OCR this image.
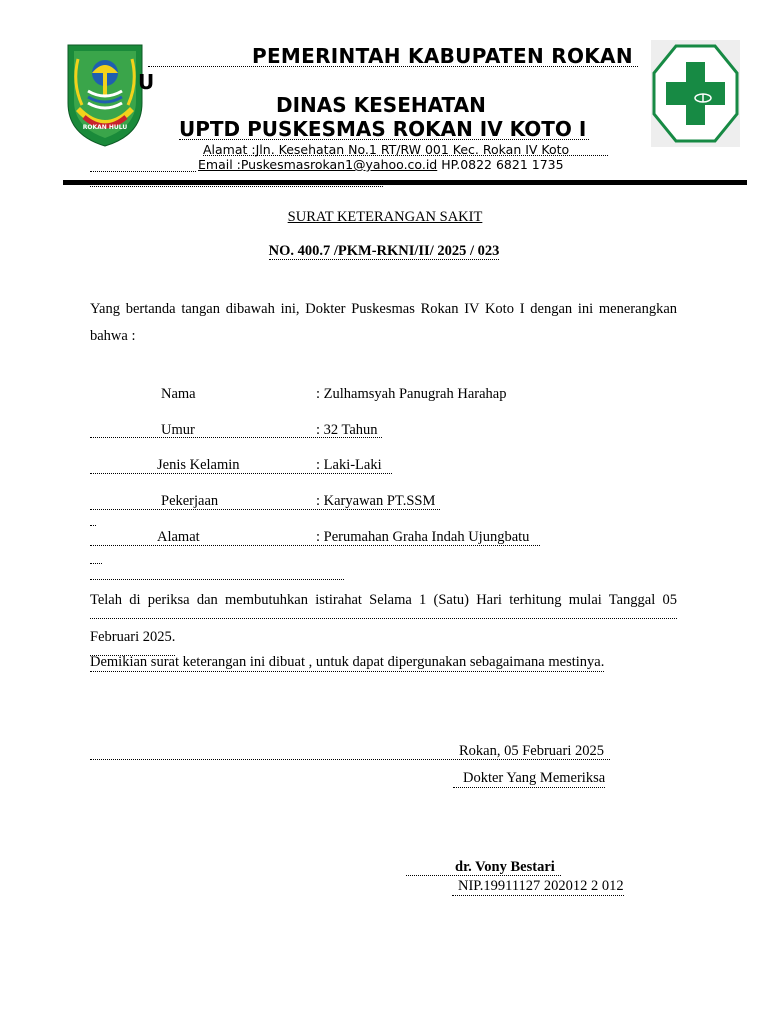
ROKAN HULU
PEMERINTAH KABUPATEN ROKAN
U
DINAS KESEHATAN
UPTD PUSKESMAS ROKAN IV KOTO I
Alamat :Jln. Kesehatan No.1 RT/RW 001 Kec. Rokan IV Koto
Email :Puskesmasrokan1@yahoo.co.id HP.0822 6821 1735
SURAT KETERANGAN SAKIT
NO. 400.7 /PKM-RKNI/II/ 2025 / 023
Yang bertanda tangan dibawah ini, Dokter Puskesmas Rokan IV Koto I dengan ini menerangkan bahwa :
Nama	: Zulhamsyah Panugrah Harahap
Umur	: 32 Tahun
Jenis Kelamin	: Laki-Laki
Pekerjaan	: Karyawan PT.SSM
Alamat	: Perumahan Graha Indah Ujungbatu
Telah di periksa dan membutuhkan istirahat Selama 1 (Satu) Hari terhitung mulai Tanggal 05
Februari 2025.
Demikian surat keterangan ini dibuat , untuk dapat dipergunakan sebagaimana mestinya.
Rokan, 05 Februari 2025
Dokter Yang Memeriksa
dr. Vony Bestari
NIP.19911127 202012 2 012
